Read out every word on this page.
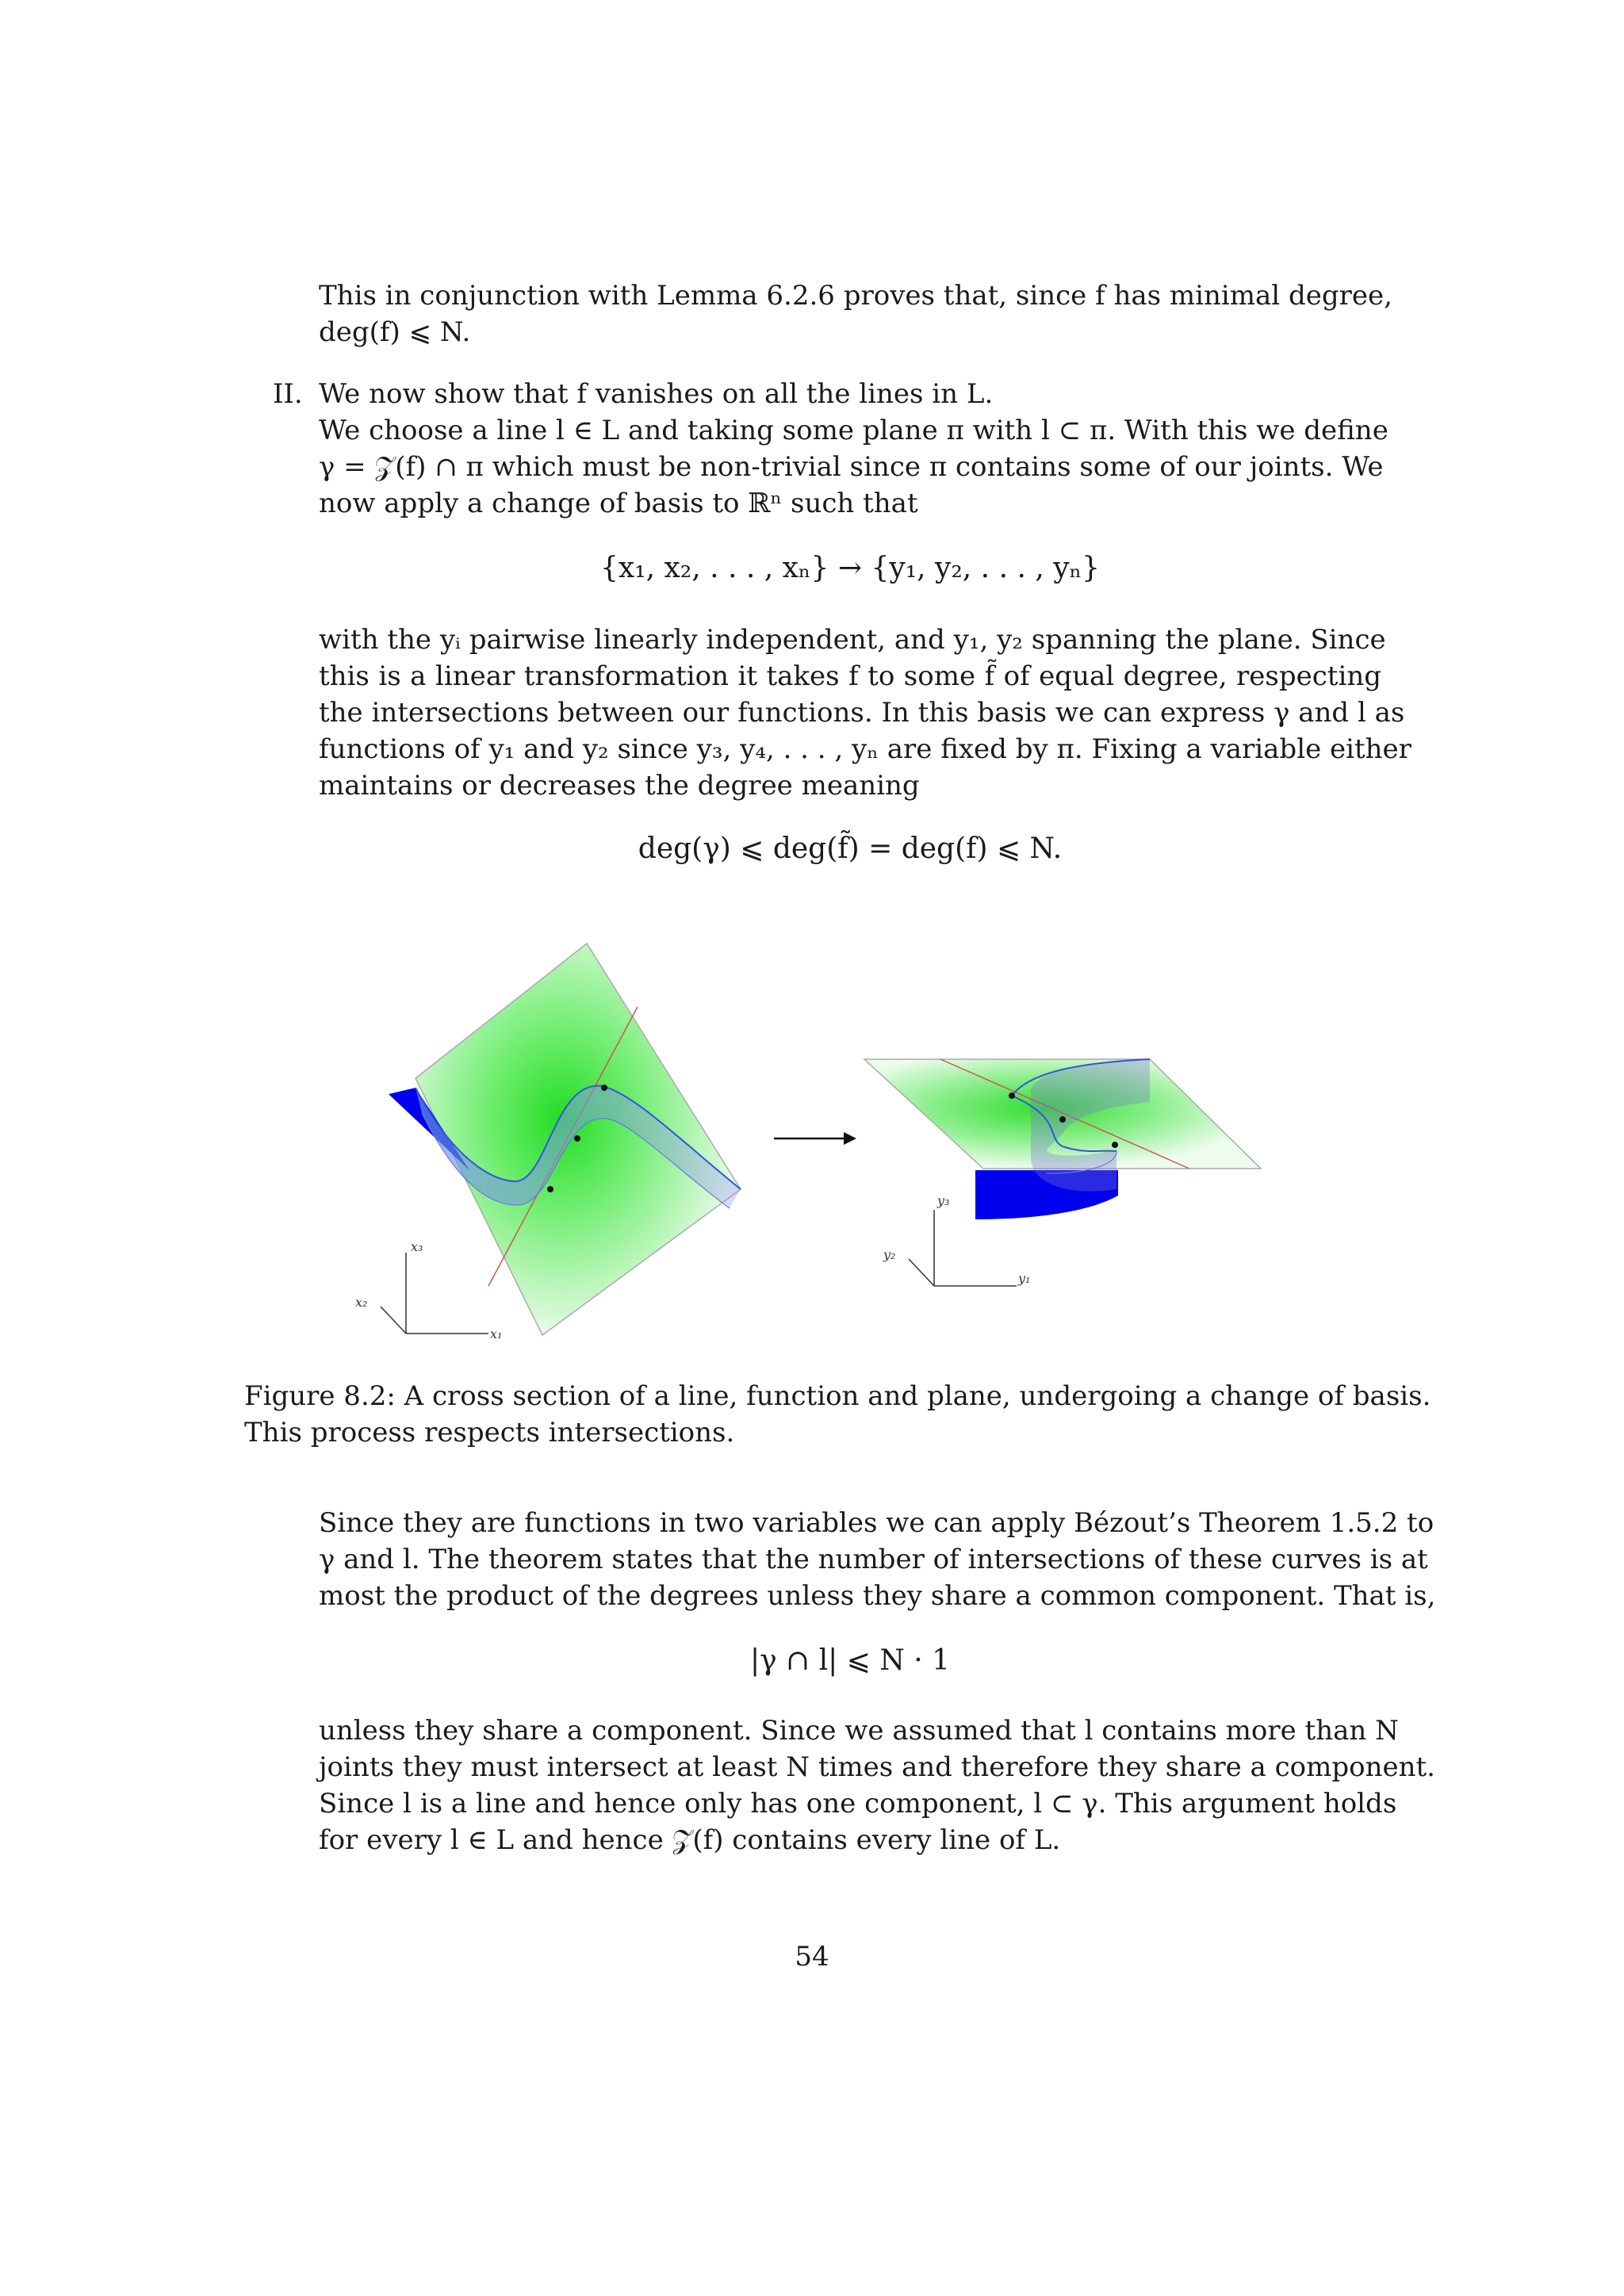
This in conjunction with Lemma 6.2.6 proves that, since f has minimal degree,
deg(f) ⩽ N.
II. We now show that f vanishes on all the lines in L.
We choose a line l ∈ L and taking some plane π with l ⊂ π. With this we define
γ = 𝒵(f) ∩ π which must be non-trivial since π contains some of our joints. We
now apply a change of basis to ℝⁿ such that
{x₁, x₂, . . . , xₙ} → {y₁, y₂, . . . , yₙ}
with the yᵢ pairwise linearly independent, and y₁, y₂ spanning the plane. Since
this is a linear transformation it takes f to some f̃ of equal degree, respecting
the intersections between our functions. In this basis we can express γ and l as
functions of y₁ and y₂ since y₃, y₄, . . . , yₙ are fixed by π. Fixing a variable either
maintains or decreases the degree meaning
deg(γ) ⩽ deg(f̃) = deg(f) ⩽ N.
x₃
x₂
x₁
y₃
y₂
y₁
Figure 8.2: A cross section of a line, function and plane, undergoing a change of basis.
This process respects intersections.
Since they are functions in two variables we can apply Bézout’s Theorem 1.5.2 to
γ and l. The theorem states that the number of intersections of these curves is at
most the product of the degrees unless they share a common component. That is,
|γ ∩ l| ⩽ N · 1
unless they share a component. Since we assumed that l contains more than N
joints they must intersect at least N times and therefore they share a component.
Since l is a line and hence only has one component, l ⊂ γ. This argument holds
for every l ∈ L and hence 𝒵(f) contains every line of L.
54
